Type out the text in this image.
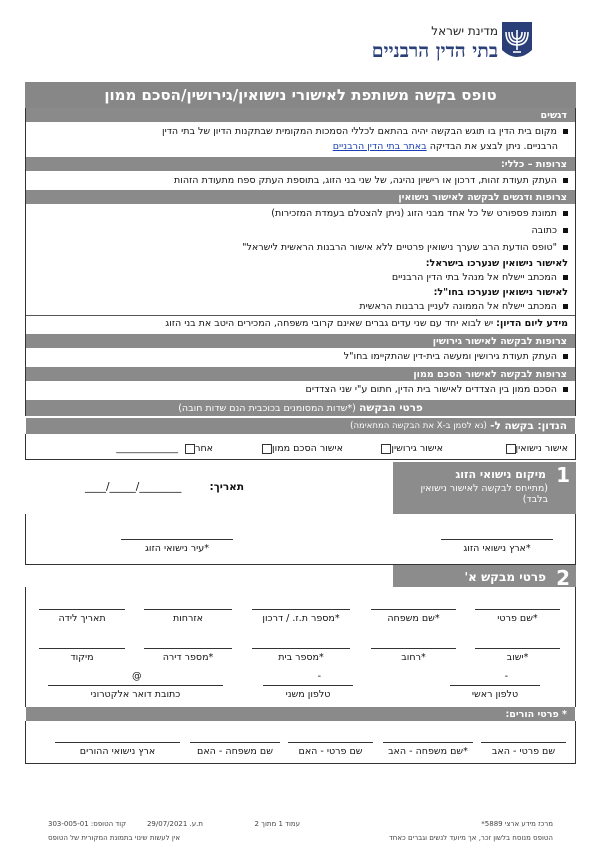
מדינת ישראל
בתי הדין הרבניים
טופס בקשה משותפת לאישורי נישואין/גירושין/הסכם ממון
דגשים
מקום בית הדין בו תוגש הבקשה יהיה בהתאם לכללי הסמכות המקומית שבתקנות הדיון של בתי הדין
הרבניים. ניתן לבצע את הבדיקה באתר בתי הדין הרבניים
צרופות – כללי:
העתק תעודת זהות, דרכון או רישיון נהיגה, של שני בני הזוג, בתוספת העתק ספח מתעודת הזהות
צרופות ודגשים לבקשה לאישור נישואין
תמונת פספורט של כל אחד מבני הזוג (ניתן להצטלם בעמדת המזכירות)
כתובה
"טופס הודעת הרב שערך נישואין פרטיים ללא אישור הרבנות הראשית לישראל"
לאישור נישואין שנערכו בישראל:
המכתב יישלח אל מנהל בתי הדין הרבניים
לאישור נישואין שנערכו בחו"ל:
המכתב יישלח אל הממונה לעניין ברבנות הראשית
מידע ליום הדיון: יש לבוא יחד עם שני עדים גברים שאינם קרובי משפחה, המכירים היטב את בני הזוג
צרופות לבקשה לאישור גירושין
העתק תעודת גירושין ומעשה בית-דין שהתקיימו בחו"ל
צרופות לבקשה לאישור הסכם ממון
הסכם ממון בין הצדדים לאישור בית הדין, חתום ע"י שני הצדדים
פרטי הבקשה

(*שדות המסומנים בכוכבית הנם שדות חובה)
הנדון: בקשה ל-

(נא לסמן ב-X את הבקשה המתאימה)
אישור נישואין
אישור גירושין
אישור הסכם ממון
אחר _____________
תאריך:
________/_____/____	1
מיקום נישואי הזוג
(מתייחס לבקשה לאישור נישואין בלבד)
*ארץ נישואי הזוג
*עיר נישואי הזוג
2
פרטי מבקש א'
*שם פרטי
*שם משפחה
*מספר ת.ז. / דרכון
אזרחות
תאריך לידה
*ישוב
*רחוב
*מספר בית
*מספר דירה
מיקוד
-
טלפון ראשי
-
טלפון משני
@
כתובת דואר אלקטרוני
* פרטי הורים:
שם פרטי - האב
*שם משפחה - האב
שם פרטי - האם
שם משפחה - האם
ארץ נישואי ההורים
מרכז מידע ארצי 5889*
הטופס מנוסח בלשון זכר, אך מיועד לנשים וגברים כאחד
עמוד 1 מתוך 2
ת.ע. 29/07/2021
קוד הטופס: 303-005-01
אין לעשות שינוי בתמונת המקורית של הטופס
